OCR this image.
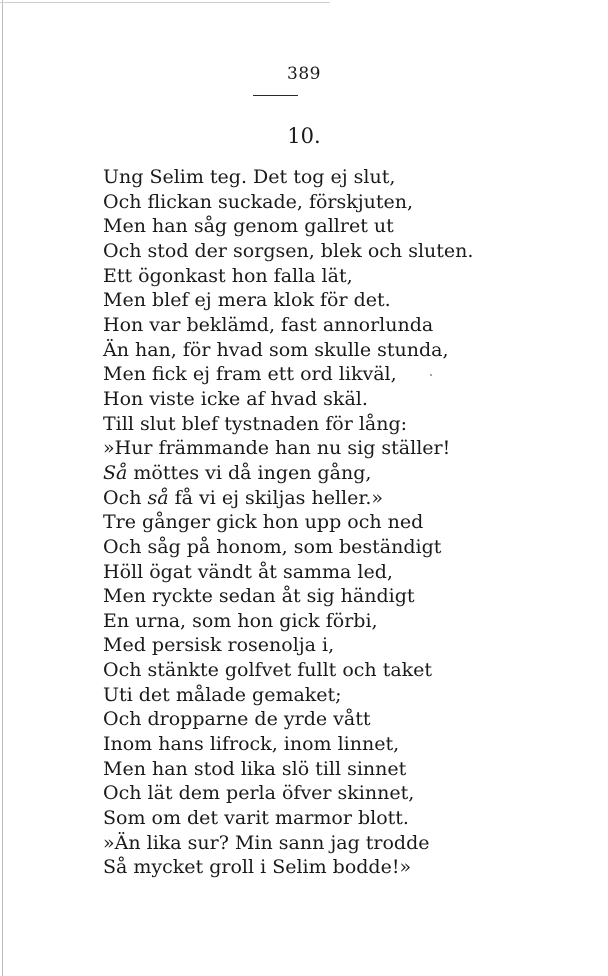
389
10.
Ung Selim teg. Det tog ej slut,
Och flickan suckade, förskjuten,
Men han såg genom gallret ut
Och stod der sorgsen, blek och sluten.
Ett ögonkast hon falla lät,
Men blef ej mera klok för det.
Hon var beklämd, fast annorlunda
Än han, för hvad som skulle stunda,
Men fick ej fram ett ord likväl,
Hon viste icke af hvad skäl.
Till slut blef tystnaden för lång:
»Hur främmande han nu sig ställer!
Så möttes vi då ingen gång,
Och så få vi ej skiljas heller.»
Tre gånger gick hon upp och ned
Och såg på honom, som beständigt
Höll ögat vändt åt samma led,
Men ryckte sedan åt sig händigt
En urna, som hon gick förbi,
Med persisk rosenolja i,
Och stänkte golfvet fullt och taket
Uti det målade gemaket;
Och dropparne de yrde vått
Inom hans lifrock, inom linnet,
Men han stod lika slö till sinnet
Och lät dem perla öfver skinnet,
Som om det varit marmor blott.
»Än lika sur? Min sann jag trodde
Så mycket groll i Selim bodde!»
